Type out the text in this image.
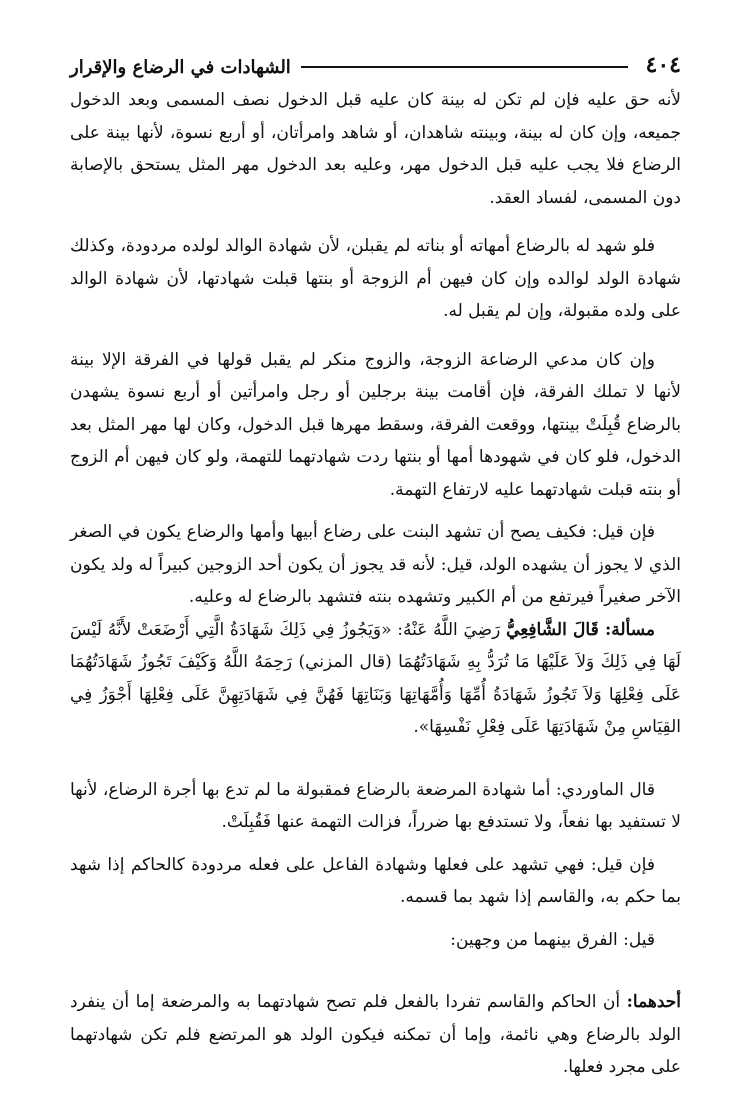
٤٠٤
الشهادات في الرضاع والإقرار

لأنه حق عليه فإن لم تكن له بينة كان عليه قبل الدخول نصف المسمى وبعد الدخول جميعه، وإن كان له بينة، وبينته شاهدان، أو شاهد وامرأتان، أو أربع نسوة، لأنها بينة على الرضاع فلا يجب عليه قبل الدخول مهر، وعليه بعد الدخول مهر المثل يستحق بالإصابة دون المسمى، لفساد العقد.

فلو شهد له بالرضاع أمهاته أو بناته لم يقبلن، لأن شهادة الوالد لولده مردودة، وكذلك شهادة الولد لوالده وإن كان فيهن أم الزوجة أو بنتها قبلت شهادتها، لأن شهادة الوالد على ولده مقبولة، وإن لم يقبل له.

وإن كان مدعي الرضاعة الزوجة، والزوج منكر لم يقبل قولها في الفرقة الإلا بينة لأنها لا تملك الفرقة، فإن أقامت بينة برجلين أو رجل وامرأتين أو أربع نسوة يشهدن بالرضاع قُبِلَتْ بينتها، ووقعت الفرقة، وسقط مهرها قبل الدخول، وكان لها مهر المثل بعد الدخول، فلو كان في شهودها أمها أو بنتها ردت شهادتهما للتهمة، ولو كان فيهن أم الزوج أو بنته قبلت شهادتهما عليه لارتفاع التهمة.

فإن قيل: فكيف يصح أن تشهد البنت على رضاع أبيها وأمها والرضاع يكون في الصغر الذي لا يجوز أن يشهده الولد، قيل: لأنه قد يجوز أن يكون أحد الزوجين كبيراً له ولد يكون الآخر صغيراً فيرتفع من أم الكبير وتشهده بنته فتشهد بالرضاع له وعليه.

مسألة: قَالَ الشَّافِعِيُّ رَضِيَ اللَّهُ عَنْهُ: «وَيَجُوزُ فِي ذَلِكَ شَهَادَةُ الَّتِي أَرْضَعَتْ لأَنَّهُ لَيْسَ لَهَا فِي ذَلِكَ وَلاَ عَلَيْهَا مَا تُرَدُّ بِهِ شَهَادَتُهُمَا (قال المزني) رَحِمَهُ اللَّهُ وَكَيْفَ تَجُوزُ شَهَادَتُهُمَا عَلَى فِعْلِهَا وَلاَ تَجُوزُ شَهَادَةُ أُمِّهَا وَأُمَّهَاتِهَا وَبَنَاتِهَا فَهُنَّ فِي شَهَادَتِهِنَّ عَلَى فِعْلِهَا أَجْوَزُ فِي القِيَاسِ مِنْ شَهَادَتِهَا عَلَى فِعْلِ نَفْسِهَا».

قال الماوردي: أما شهادة المرضعة بالرضاع فمقبولة ما لم تدع بها أجرة الرضاع، لأنها لا تستفيد بها نفعاً، ولا تستدفع بها ضرراً، فزالت التهمة عنها فَقُبِلَتْ.

فإن قيل: فهي تشهد على فعلها وشهادة الفاعل على فعله مردودة كالحاكم إذا شهد بما حكم به، والقاسم إذا شهد بما قسمه.

قيل: الفرق بينهما من وجهين:

أحدهما: أن الحاكم والقاسم تفردا بالفعل فلم تصح شهادتهما به والمرضعة إما أن ينفرد الولد بالرضاع وهي نائمة، وإما أن تمكنه فيكون الولد هو المرتضع فلم تكن شهادتهما على مجرد فعلها.
